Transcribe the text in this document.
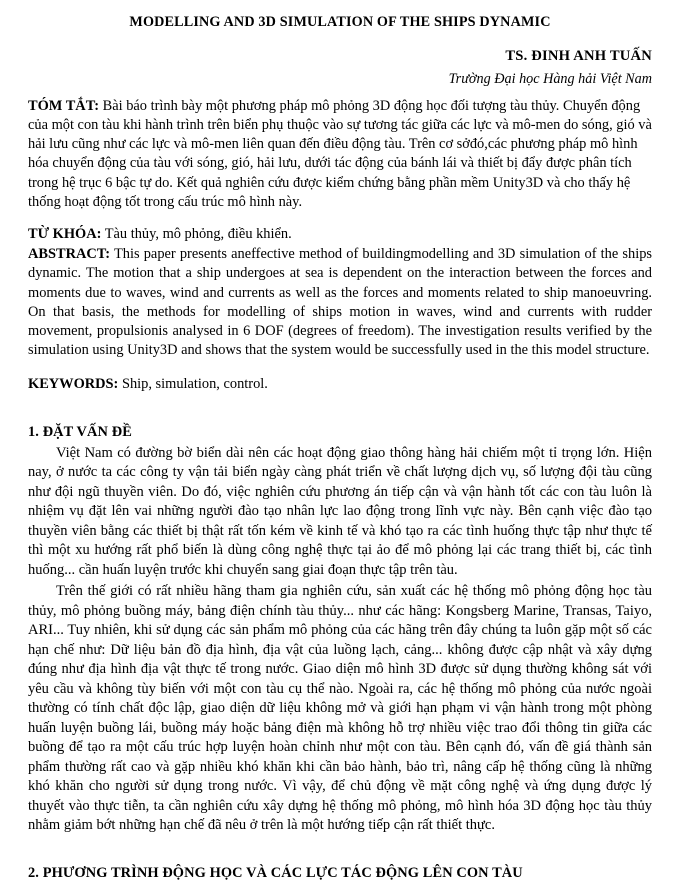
MODELLING AND 3D SIMULATION OF THE SHIPS DYNAMIC
TS. ĐINH ANH TUẤN
Trường Đại học Hàng hải Việt Nam

TÓM TẮT: Bài báo trình bày một phương pháp mô phỏng 3D động học đối tượng tàu thủy. Chuyển động của một con tàu khi hành trình trên biển phụ thuộc vào sự tương tác giữa các lực và mô-men do sóng, gió và hải lưu cũng như các lực và mô-men liên quan đến điều động tàu. Trên cơ sởđó,các phương pháp mô hình hóa chuyển động của tàu với sóng, gió, hải lưu, dưới tác động của bánh lái và thiết bị đẩy được phân tích trong hệ trục 6 bậc tự do. Kết quả nghiên cứu được kiểm chứng bằng phần mềm Unity3D và cho thấy hệ thống hoạt động tốt trong cấu trúc mô hình này.

TỪ KHÓA: Tàu thủy, mô phỏng, điều khiển.

ABSTRACT: This paper presents aneffective method of buildingmodelling and 3D simulation of the ships dynamic. The motion that a ship undergoes at sea is dependent on the interaction between the forces and moments due to waves, wind and currents as well as the forces and moments related to ship manoeuvring. On that basis, the methods for modelling of ships motion in waves, wind and currents with rudder movement, propulsionis analysed in 6 DOF (degrees of freedom). The investigation results verified by the simulation using Unity3D and shows that the system would be successfully used in the this model structure.

KEYWORDS: Ship, simulation, control.

1. ĐẶT VẤN ĐỀ

Việt Nam có đường bờ biển dài nên các hoạt động giao thông hàng hải chiếm một tỉ trọng lớn. Hiện nay, ở nước ta các công ty vận tải biển ngày càng phát triển về chất lượng dịch vụ, số lượng đội tàu cũng như đội ngũ thuyền viên. Do đó, việc nghiên cứu phương án tiếp cận và vận hành tốt các con tàu luôn là nhiệm vụ đặt lên vai những người đào tạo nhân lực lao động trong lĩnh vực này. Bên cạnh việc đào tạo thuyền viên bằng các thiết bị thật rất tốn kém về kinh tế và khó tạo ra các tình huống thực tập như thực tế thì một xu hướng rất phổ biến là dùng công nghệ thực tại ảo để mô phỏng lại các trang thiết bị, các tình huống... cần huấn luyện trước khi chuyển sang giai đoạn thực tập trên tàu.

Trên thế giới có rất nhiều hãng tham gia nghiên cứu, sản xuất các hệ thống mô phỏng động học tàu thủy, mô phỏng buồng máy, bảng điện chính tàu thủy... như các hãng: Kongsberg Marine, Transas, Taiyo, ARI... Tuy nhiên, khi sử dụng các sản phẩm mô phỏng của các hãng trên đây chúng ta luôn gặp một số các hạn chế như: Dữ liệu bản đồ địa hình, địa vật của luồng lạch, cảng... không được cập nhật và xây dựng đúng như địa hình địa vật thực tế trong nước. Giao diện mô hình 3D được sử dụng thường không sát với yêu cầu và không tùy biến với một con tàu cụ thể nào. Ngoài ra, các hệ thống mô phỏng của nước ngoài thường có tính chất độc lập, giao diện dữ liệu không mở và giới hạn phạm vi vận hành trong một phòng huấn luyện buồng lái, buồng máy hoặc bảng điện mà không hỗ trợ nhiều việc trao đổi thông tin giữa các buồng để tạo ra một cấu trúc hợp luyện hoàn chỉnh như một con tàu. Bên cạnh đó, vấn đề giá thành sản phẩm thường rất cao và gặp nhiều khó khăn khi cần bảo hành, bảo trì, nâng cấp hệ thống cũng là những khó khăn cho người sử dụng trong nước. Vì vậy, để chủ động về mặt công nghệ và ứng dụng được lý thuyết vào thực tiễn, ta cần nghiên cứu xây dựng hệ thống mô phỏng, mô hình hóa 3D động học tàu thủy nhằm giảm bớt những hạn chế đã nêu ở trên là một hướng tiếp cận rất thiết thực.

2. PHƯƠNG TRÌNH ĐỘNG HỌC VÀ CÁC LỰC TÁC ĐỘNG LÊN CON TÀU
